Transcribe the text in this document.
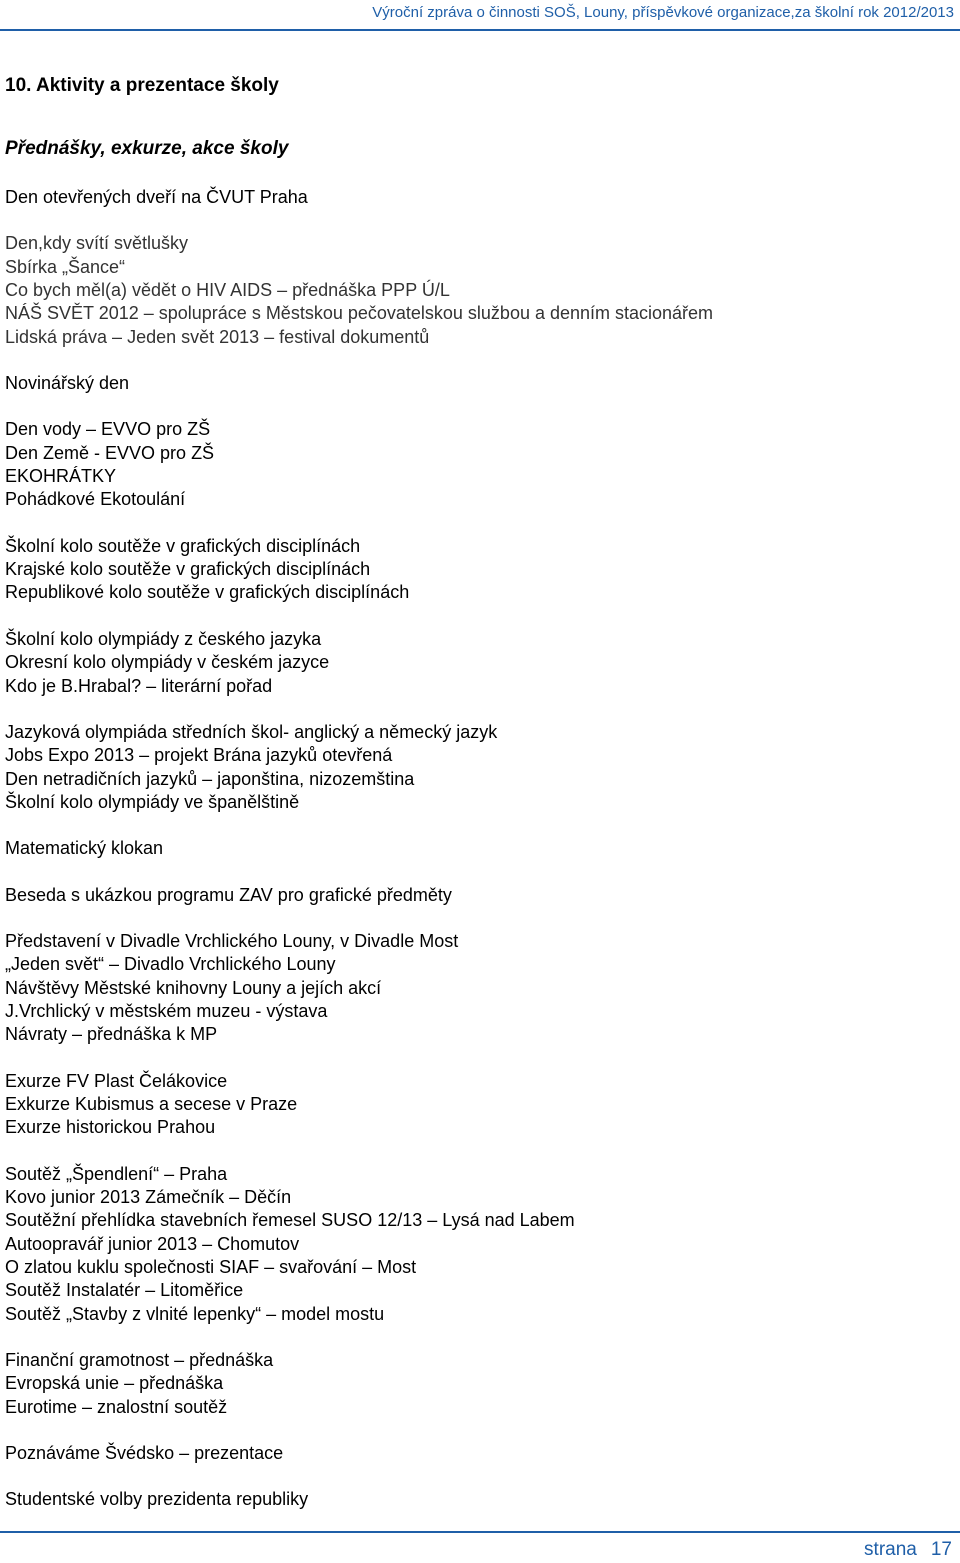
Výroční zpráva o činnosti SOŠ, Louny, příspěvkové organizace,za školní rok 2012/2013
10. Aktivity a prezentace školy
Přednášky, exkurze, akce školy
Den otevřených dveří na ČVUT Praha
Den,kdy svítí světlušky
Sbírka „Šance“
Co bych měl(a) vědět o HIV AIDS – přednáška PPP Ú/L
NÁŠ SVĚT 2012 – spolupráce s Městskou pečovatelskou službou a denním stacionářem
Lidská práva – Jeden svět 2013 – festival dokumentů
Novinářský den
Den vody – EVVO pro ZŠ
Den Země - EVVO pro ZŠ
EKOHRÁTKY
Pohádkové Ekotoulání
Školní kolo soutěže v grafických disciplínách
Krajské kolo soutěže v grafických disciplínách
Republikové kolo soutěže v grafických disciplínách
Školní kolo olympiády z českého jazyka
Okresní kolo olympiády v českém jazyce
Kdo je B.Hrabal? – literární pořad
Jazyková olympiáda středních škol- anglický a německý jazyk
Jobs Expo 2013 – projekt Brána jazyků otevřená
Den netradičních jazyků – japonština, nizozemština
Školní kolo olympiády ve španělštině
Matematický klokan
Beseda s ukázkou programu ZAV pro grafické předměty
Představení v Divadle Vrchlického Louny, v Divadle Most
„Jeden svět“ – Divadlo Vrchlického Louny
Návštěvy Městské knihovny Louny a jejích akcí
J.Vrchlický v městském muzeu - výstava
Návraty – přednáška k MP
Exurze FV Plast Čelákovice
Exkurze Kubismus a secese v Praze
Exurze historickou Prahou
Soutěž „Špendlení“ – Praha
Kovo junior 2013 Zámečník – Děčín
Soutěžní přehlídka stavebních řemesel SUSO 12/13 – Lysá nad Labem
Autoopravář junior 2013 – Chomutov
O zlatou kuklu společnosti SIAF – svařování – Most
Soutěž Instalatér – Litoměřice
Soutěž „Stavby z vlnité lepenky“ – model mostu
Finanční gramotnost – přednáška
Evropská unie – přednáška
Eurotime – znalostní soutěž
Poznáváme Švédsko – prezentace
Studentské volby prezidenta republiky
strana 17
